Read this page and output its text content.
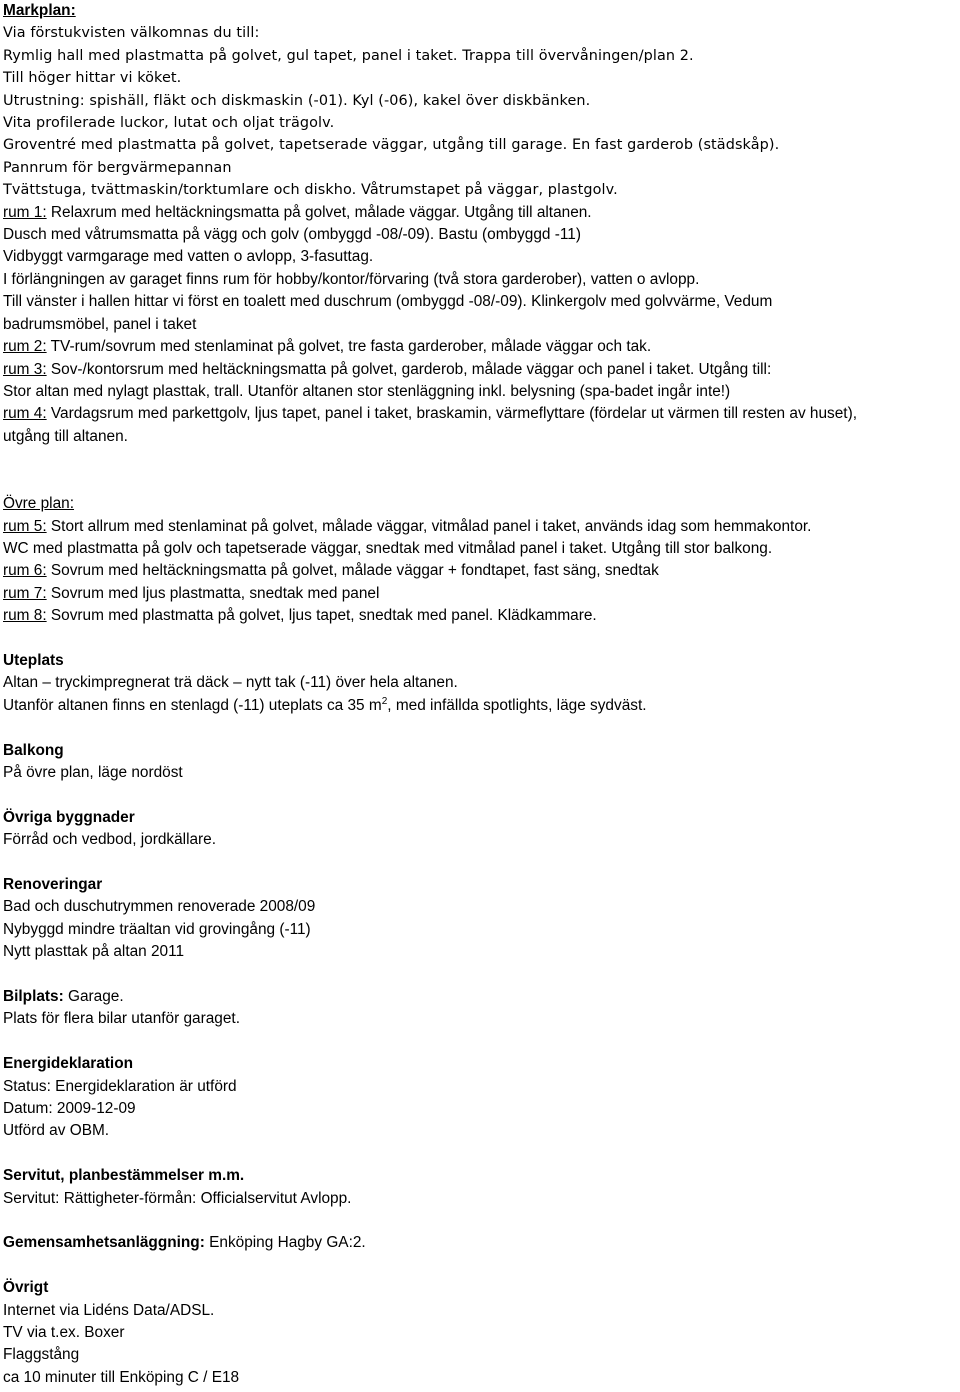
Markplan:
Via förstukvisten välkomnas du till:
Rymlig hall med plastmatta på golvet, gul tapet, panel i taket. Trappa till övervåningen/plan 2.
Till höger hittar vi köket.
Utrustning: spishäll, fläkt och diskmaskin (-01). Kyl (-06), kakel över diskbänken.
Vita profilerade luckor, lutat och oljat trägolv.
Groventré med plastmatta på golvet, tapetserade väggar, utgång till garage. En fast garderob (städskåp).
Pannrum för bergvärmepannan
Tvättstuga, tvättmaskin/torktumlare och diskho. Våtrumstapet på väggar, plastgolv.
rum 1: Relaxrum med heltäckningsmatta på golvet, målade väggar. Utgång till altanen.
Dusch med våtrumsmatta på vägg och golv (ombyggd -08/-09). Bastu (ombyggd -11)
Vidbyggt varmgarage med vatten o avlopp, 3-fasuttag.
I förlängningen av garaget finns rum för hobby/kontor/förvaring (två stora garderober), vatten o avlopp.
Till vänster i hallen hittar vi först en toalett med duschrum (ombyggd -08/-09). Klinkergolv med golvvärme, Vedum
badrumsmöbel, panel i taket
rum 2: TV-rum/sovrum med stenlaminat på golvet, tre fasta garderober, målade väggar och tak.
rum 3: Sov-/kontorsrum med heltäckningsmatta på golvet, garderob, målade väggar och panel i taket. Utgång till:
Stor altan med nylagt plasttak, trall. Utanför altanen stor stenläggning inkl. belysning (spa-badet ingår inte!)
rum 4: Vardagsrum med parkettgolv, ljus tapet, panel i taket, braskamin, värmeflyttare (fördelar ut värmen till resten av huset),
utgång till altanen.
Övre plan:
rum 5: Stort allrum med stenlaminat på golvet, målade väggar, vitmålad panel i taket, används idag som hemmakontor.
WC med plastmatta på golv och tapetserade väggar, snedtak med vitmålad panel i taket. Utgång till stor balkong.
rum 6: Sovrum med heltäckningsmatta på golvet, målade väggar + fondtapet, fast säng, snedtak
rum 7: Sovrum med ljus plastmatta, snedtak med panel
rum 8: Sovrum med plastmatta på golvet, ljus tapet, snedtak med panel. Klädkammare.
Uteplats
Altan – tryckimpregnerat trä däck – nytt tak (-11) över hela altanen.
Utanför altanen finns en stenlagd (-11) uteplats ca 35 $m^2$, med infällda spotlights, läge sydväst.
Balkong
På övre plan, läge nordöst
Övriga byggnader
Förråd och vedbod, jordkällare.
Renoveringar
Bad och duschutrymmen renoverade 2008/09
Nybyggd mindre träaltan vid grovingång (-11)
Nytt plasttak på altan 2011
Bilplats: Garage.
Plats för flera bilar utanför garaget.
Energideklaration
Status: Energideklaration är utförd
Datum: 2009-12-09
Utförd av OBM.
Servitut, planbestämmelser m.m.
Servitut: Rättigheter-förmån: Officialservitut Avlopp.
Gemensamhetsanläggning: Enköping Hagby GA:2.
Övrigt
Internet via Lidéns Data/ADSL.
TV via t.ex. Boxer
Flaggstång
ca 10 minuter till Enköping C / E18
